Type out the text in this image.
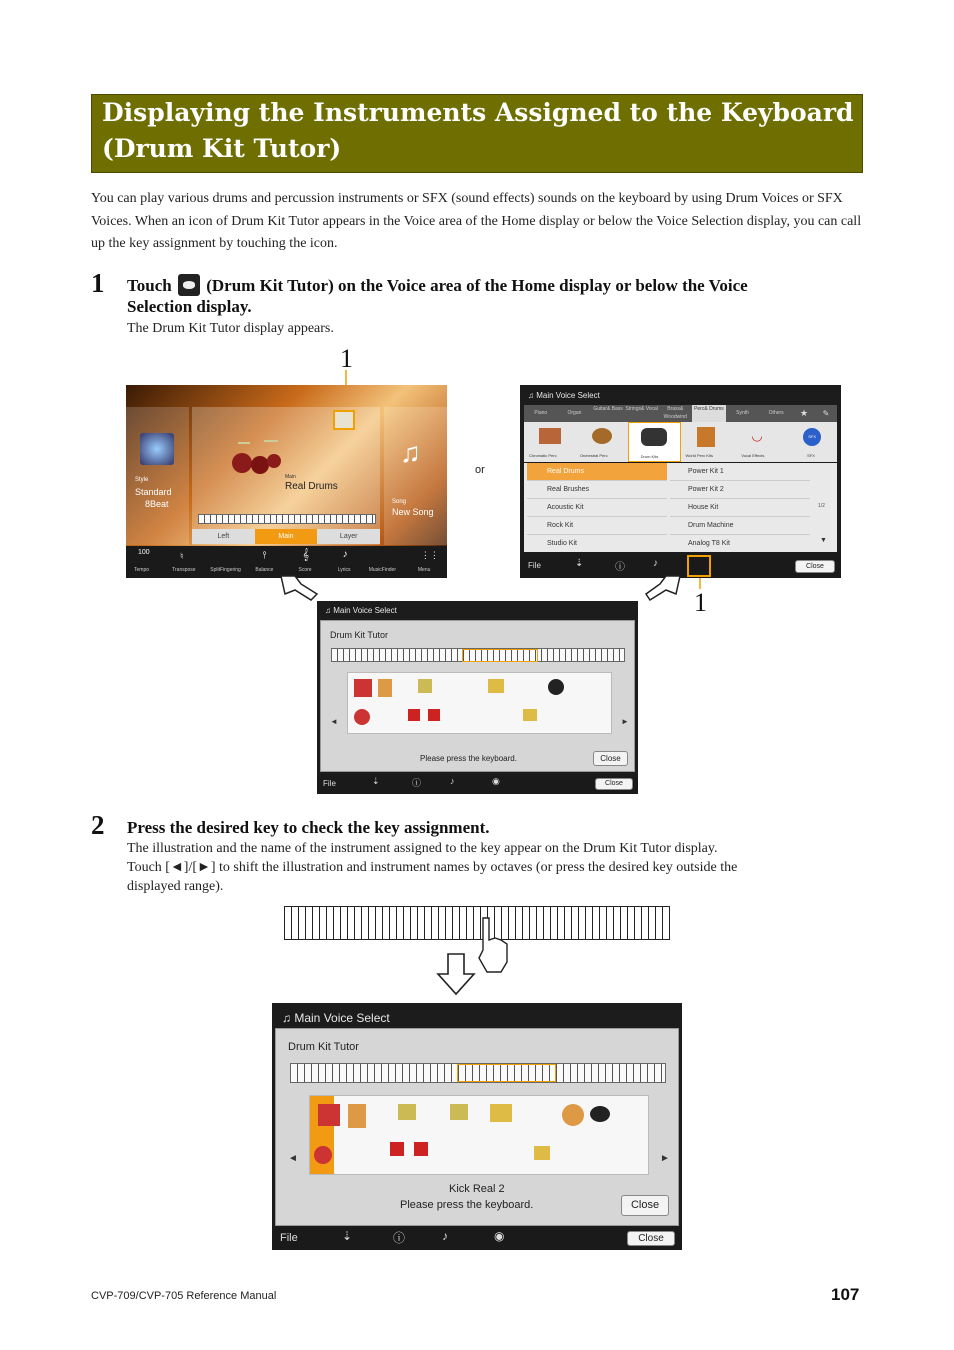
Displaying the Instruments Assigned to the Keyboard
(Drum Kit Tutor)
You can play various drums and percussion instruments or SFX (sound effects) sounds on the keyboard by using Drum Voices or SFX Voices. When an icon of Drum Kit Tutor appears in the Voice area of the Home display or below the Voice Selection display, you can call up the key assignment by touching the icon.
1 Touch (Drum Kit Tutor) on the Voice area of the Home display or below the Voice
Selection display.
The Drum Kit Tutor display appears.
1
1
Style
Standard
8Beat
Main
Real Drums
♫
Song
New Song
Left	Main	Layer
100
Tempo
♮
Transpose	SplitFingering
⫯
Balance
𝄞
Score
♪
Lyrics	MusicFinder
⋮⋮
Menu
or
♫ Main Voice Select
Piano	Organ
Guitar& Bass Strings& Vocal	Brass& Woodwind
Perc& Drums
Synth	Others	★	✎
Chromatic Perc	Orchestral Perc	Drum Kits	World Perc Kits
◡
Vocal Effects
SFX
SFX
Real Drums
Real Brushes
Acoustic Kit
Rock Kit
Studio Kit
Power Kit 1
Power Kit 2
House Kit
Drum Machine
Analog T8 Kit
1/2
▼
File	⇣	ⓘ	♪	Close
♫ Main Voice Select
Drum Kit Tutor
◄	►
Please press the keyboard.	Close
File	⇣	ⓘ	♪	◉	Close
2 Press the desired key to check the key assignment.
The illustration and the name of the instrument assigned to the key appear on the Drum Kit Tutor display.
Touch [◄]/[►] to shift the illustration and instrument names by octaves (or press the desired key outside the
displayed range).
♫ Main Voice Select
Drum Kit Tutor
◄	►
Kick Real 2
Please press the keyboard.	Close
File	⇣	ⓘ	♪	◉	Close
CVP-709/CVP-705 Reference Manual	107
